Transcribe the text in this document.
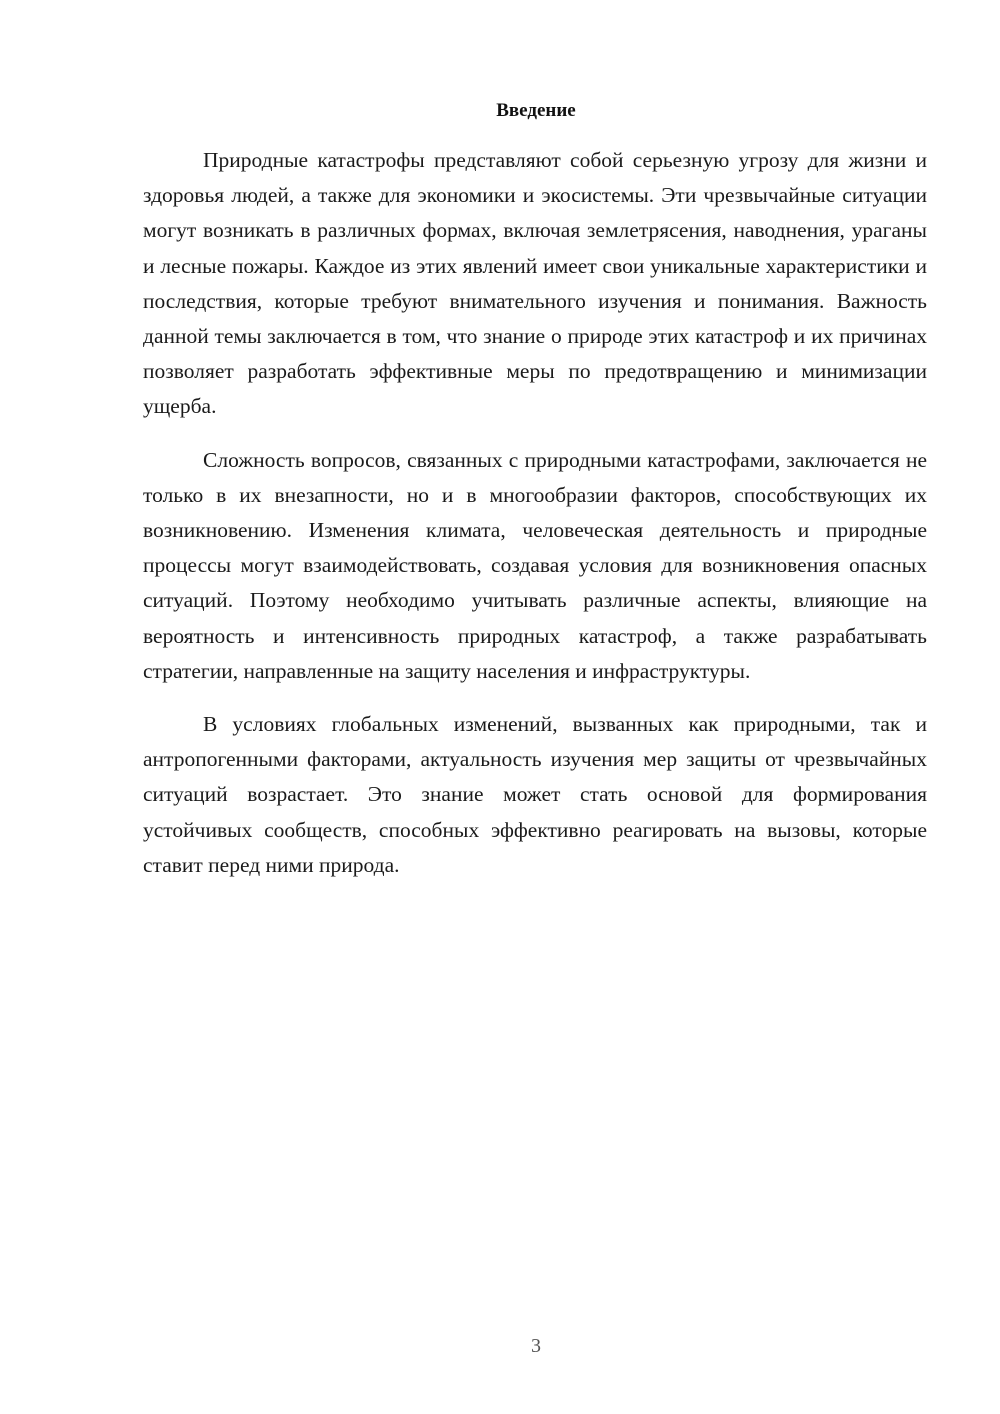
Введение

Природные катастрофы представляют собой серьезную угрозу для жизни и здоровья людей, а также для экономики и экосистемы. Эти чрезвычайные ситуации могут возникать в различных формах, включая землетрясения, наводнения, ураганы и лесные пожары. Каждое из этих явлений имеет свои уникальные характеристики и последствия, которые требуют внимательного изучения и понимания. Важность данной темы заключается в том, что знание о природе этих катастроф и их причинах позволяет разработать эффективные меры по предотвращению и минимизации ущерба.

Сложность вопросов, связанных с природными катастрофами, заключается не только в их внезапности, но и в многообразии факторов, способствующих их возникновению. Изменения климата, человеческая деятельность и природные процессы могут взаимодействовать, создавая условия для возникновения опасных ситуаций. Поэтому необходимо учитывать различные аспекты, влияющие на вероятность и интенсивность природных катастроф, а также разрабатывать стратегии, направленные на защиту населения и инфраструктуры.

В условиях глобальных изменений, вызванных как природными, так и антропогенными факторами, актуальность изучения мер защиты от чрезвычайных ситуаций возрастает. Это знание может стать основой для формирования устойчивых сообществ, способных эффективно реагировать на вызовы, которые ставит перед ними природа.

3
